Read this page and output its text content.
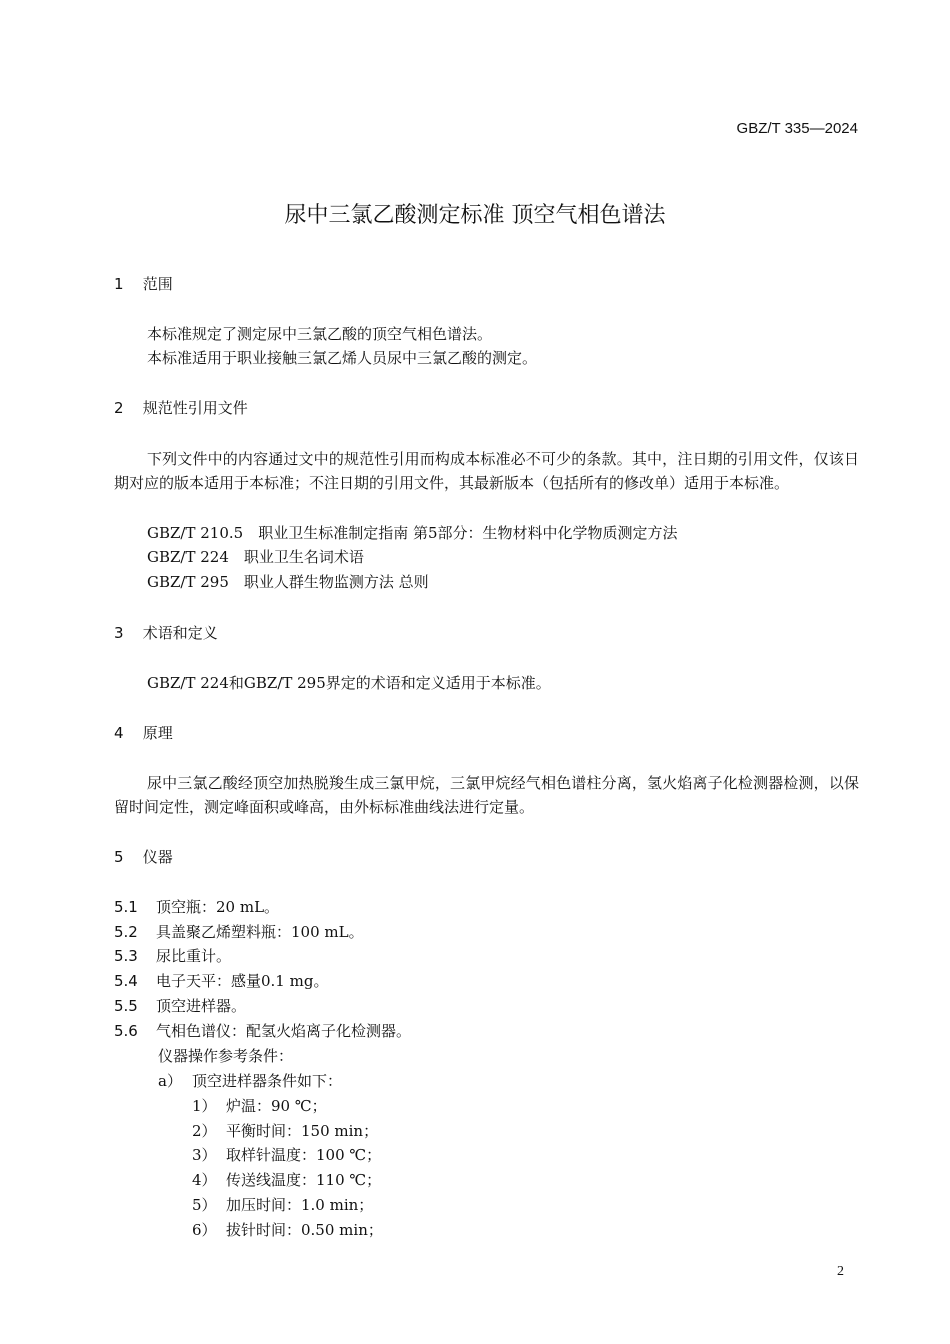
GBZ/T 335—2024
尿中三氯乙酸测定标准 顶空气相色谱法
1 范围
本标准规定了测定尿中三氯乙酸的顶空气相色谱法。
本标准适用于职业接触三氯乙烯人员尿中三氯乙酸的测定。
2 规范性引用文件
下列文件中的内容通过文中的规范性引用而构成本标准必不可少的条款。其中，注日期的引用文件，仅该日期对应的版本适用于本标准；不注日期的引用文件，其最新版本（包括所有的修改单）适用于本标准。
GBZ/T 210.5　职业卫生标准制定指南 第5部分：生物材料中化学物质测定方法
GBZ/T 224　职业卫生名词术语
GBZ/T 295　职业人群生物监测方法 总则
3 术语和定义
GBZ/T 224和GBZ/T 295界定的术语和定义适用于本标准。
4 原理
尿中三氯乙酸经顶空加热脱羧生成三氯甲烷，三氯甲烷经气相色谱柱分离，氢火焰离子化检测器检测，以保留时间定性，测定峰面积或峰高，由外标标准曲线法进行定量。
5 仪器
5.1 顶空瓶：20 mL。
5.2 具盖聚乙烯塑料瓶：100 mL。
5.3 尿比重计。
5.4 电子天平：感量0.1 mg。
5.5 顶空进样器。
5.6 气相色谱仪：配氢火焰离子化检测器。
仪器操作参考条件：
a） 顶空进样器条件如下：
1） 炉温：90 ℃；
2） 平衡时间：150 min；
3） 取样针温度：100 ℃；
4） 传送线温度：110 ℃；
5） 加压时间：1.0 min；
6） 拔针时间：0.50 min；
2
